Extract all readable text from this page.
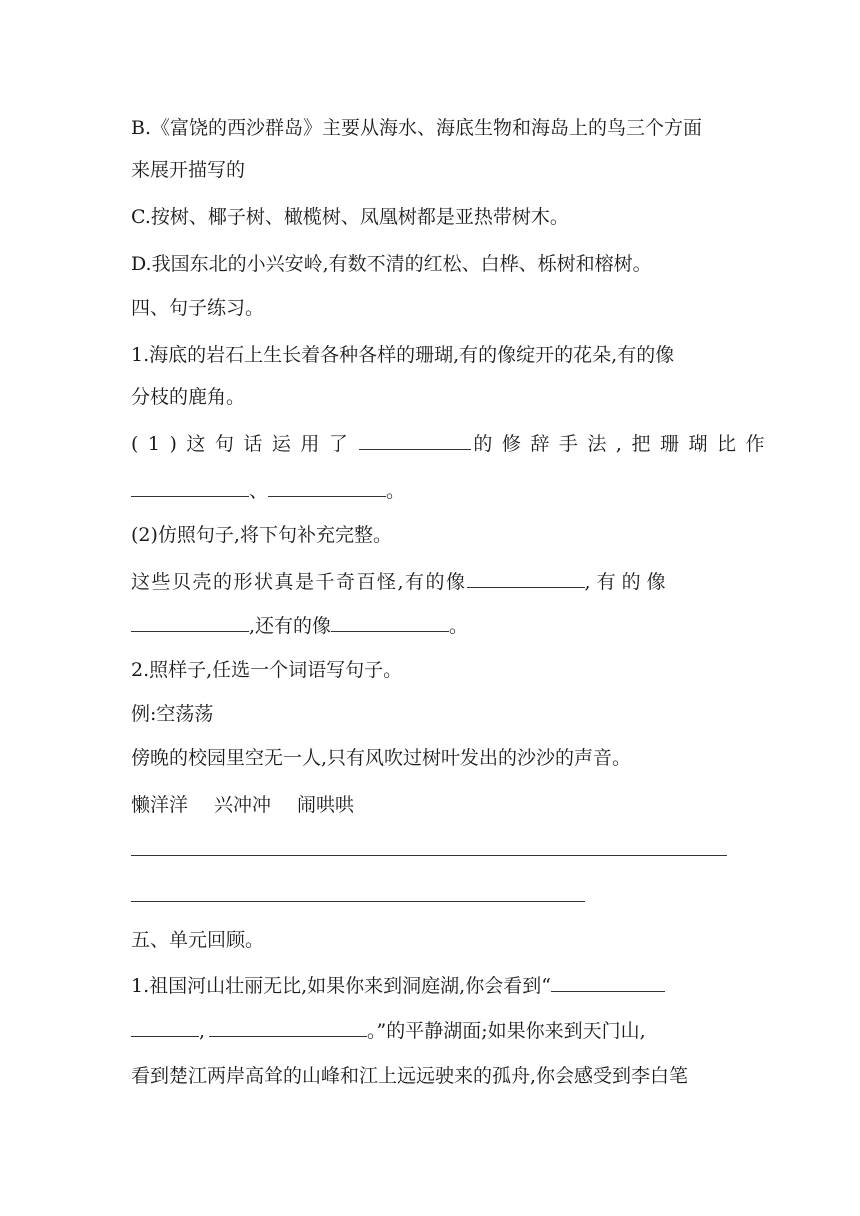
B.《富饶的西沙群岛》主要从海水、海底生物和海岛上的鸟三个方面

来展开描写的

C.按树、椰子树、橄榄树、凤凰树都是亚热带树木。

D.我国东北的小兴安岭,有数不清的红松、白桦、栎树和榕树。

四、句子练习。

1.海底的岩石上生长着各种各样的珊瑚,有的像绽开的花朵,有的像

分枝的鹿角。

(1)这句话运用了	的修辞手法,把珊瑚比作

、	。

(2)仿照句子,将下句补充完整。

这些贝壳的形状真是千奇百怪,有的像	,有的像

,还有的像	。

2.照样子,任选一个词语写句子。

例:空荡荡

傍晚的校园里空无一人,只有风吹过树叶发出的沙沙的声音。

懒洋洋 兴冲冲 闹哄哄

五、单元回顾。

1.祖国河山壮丽无比,如果你来到洞庭湖,你会看到“

,	。”的平静湖面;如果你来到天门山,

看到楚江两岸高耸的山峰和江上远远驶来的孤舟,你会感受到李白笔
